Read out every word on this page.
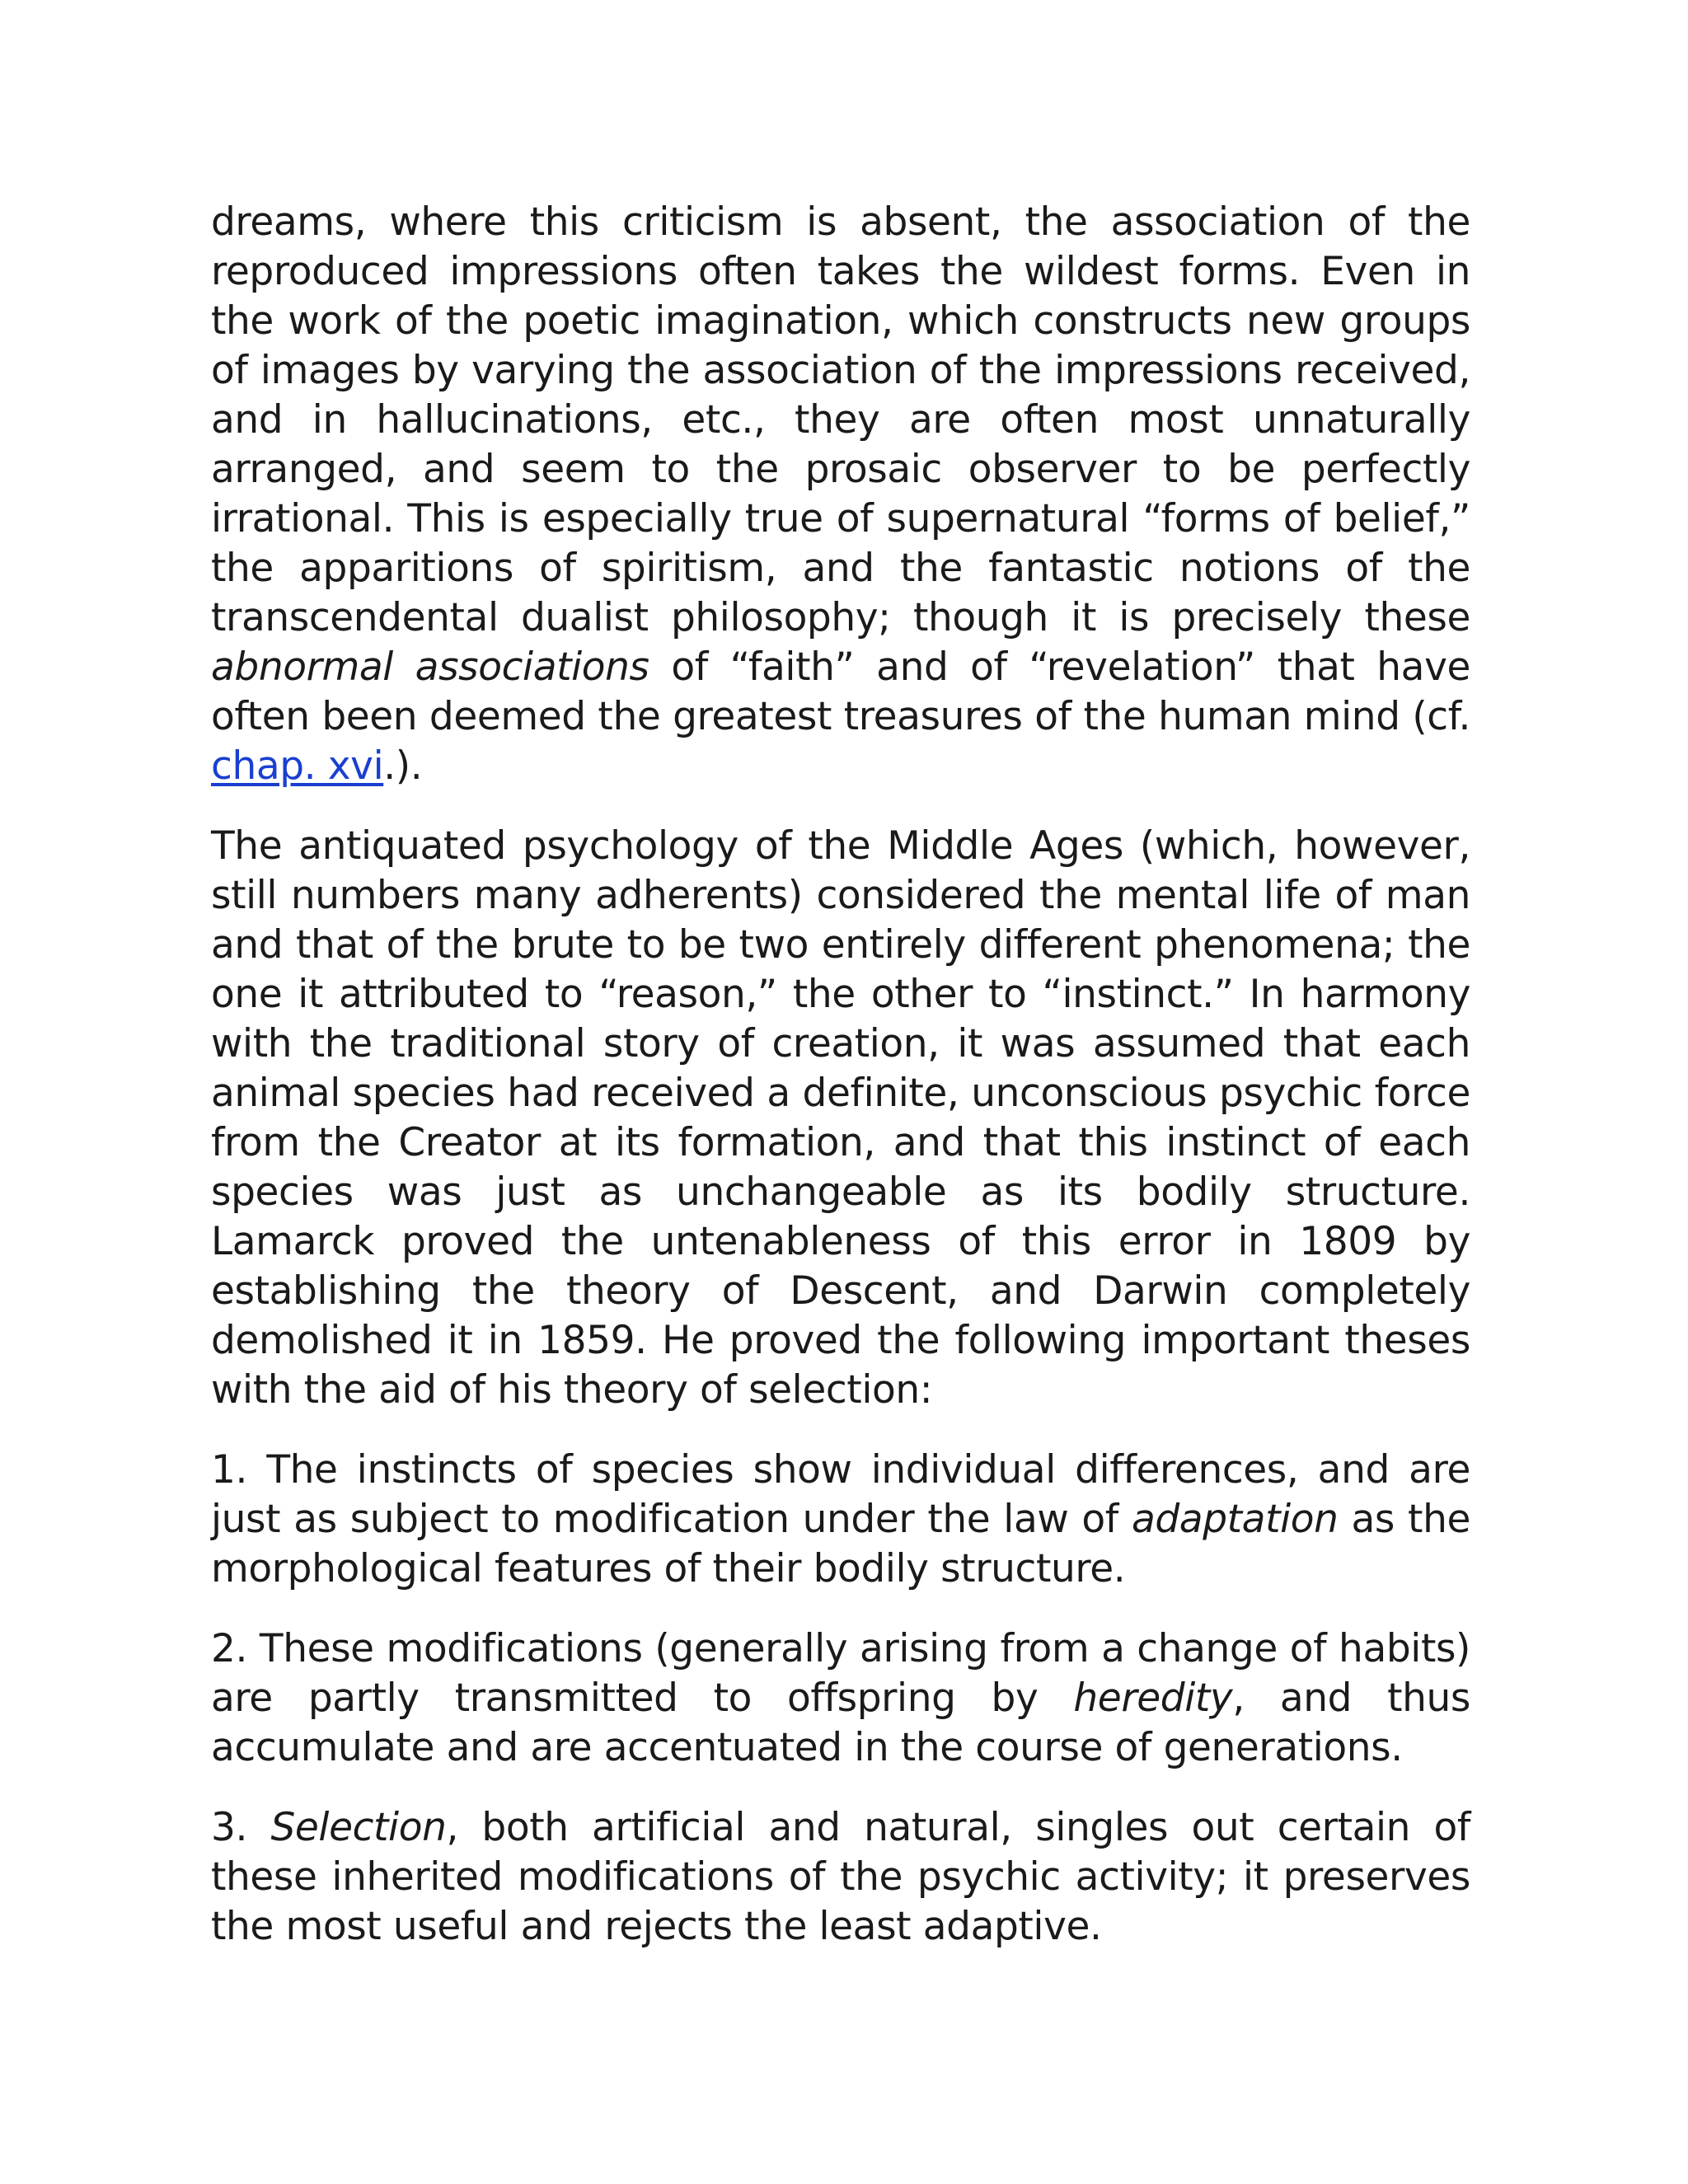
dreams, where this criticism is absent, the association of the reproduced impressions often takes the wildest forms. Even in the work of the poetic imagination, which constructs new groups of images by varying the association of the impressions received, and in hallucinations, etc., they are often most unnaturally arranged, and seem to the prosaic observer to be perfectly irrational. This is especially true of supernatural “forms of belief,” the apparitions of spiritism, and the fantastic notions of the transcendental dualist philosophy; though it is precisely these abnormal associations of “faith” and of “revelation” that have often been deemed the greatest treasures of the human mind (cf. chap. xvi.).

The antiquated psychology of the Middle Ages (which, however, still numbers many adherents) considered the mental life of man and that of the brute to be two entirely different phenomena; the one it attributed to “reason,” the other to “instinct.” In harmony with the traditional story of creation, it was assumed that each animal species had received a definite, unconscious psychic force from the Creator at its formation, and that this instinct of each species was just as unchangeable as its bodily structure. Lamarck proved the untenableness of this error in 1809 by establishing the theory of Descent, and Darwin completely demolished it in 1859. He proved the following important theses with the aid of his theory of selection:

1. The instincts of species show individual differences, and are just as subject to modification under the law of adaptation as the morphological features of their bodily structure.

2. These modifications (generally arising from a change of habits) are partly transmitted to offspring by heredity, and thus accumulate and are accentuated in the course of generations.

3. Selection, both artificial and natural, singles out certain of these inherited modifications of the psychic activity; it preserves the most useful and rejects the least adaptive.
